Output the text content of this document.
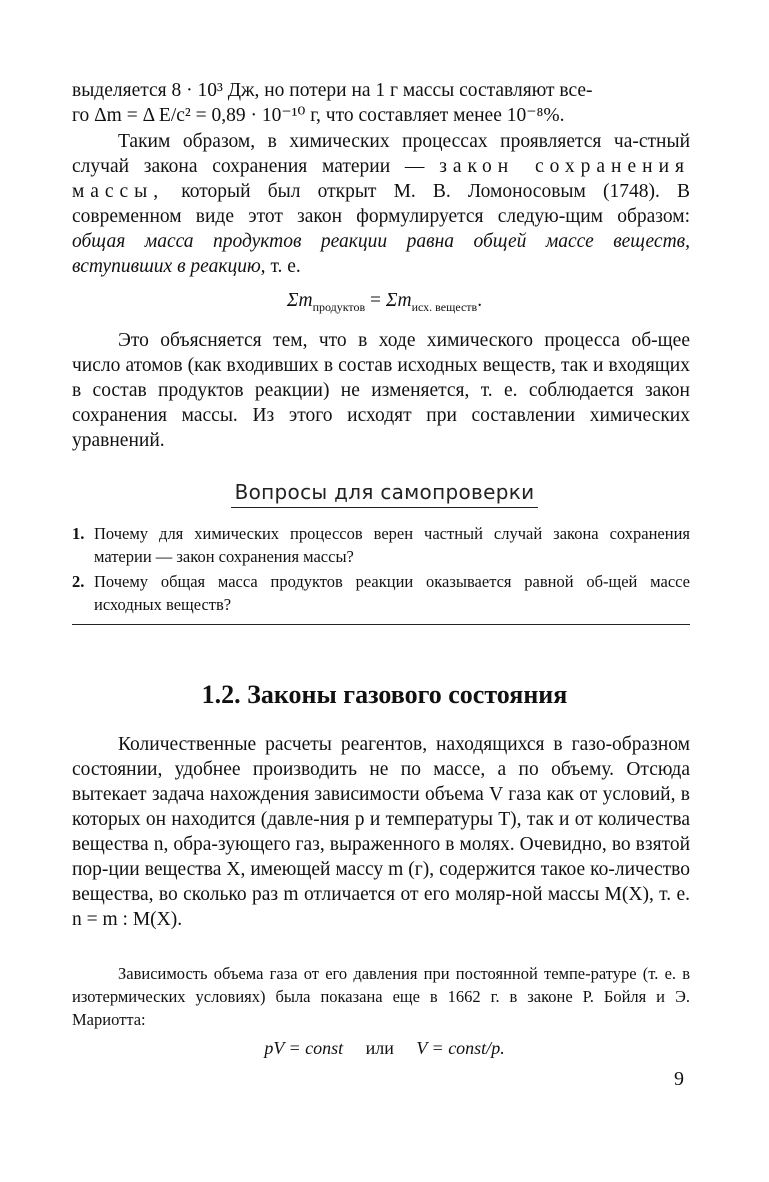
выделяется 8 · 10³ Дж, но потери на 1 г массы составляют все-

го Δm = Δ E/c² = 0,89 · 10⁻¹⁰ г, что составляет менее 10⁻⁸%.

Таким образом, в химических процессах проявляется ча-стный случай закона сохранения материи — закон сохранения массы, который был открыт М. В. Ломоносовым (1748). В современном виде этот закон формулируется следую-щим образом: общая масса продуктов реакции равна общей массе веществ, вступивших в реакцию, т. е.

$\Sigma m_{продуктов} = \Sigma m_{исх. веществ}$.

Это объясняется тем, что в ходе химического процесса об-щее число атомов (как входивших в состав исходных веществ, так и входящих в состав продуктов реакции) не изменяется, т. е. соблюдается закон сохранения массы. Из этого исходят при составлении химических уравнений.

Вопросы для самопроверки
1. Почему для химических процессов верен частный случай закона сохранения материи — закон сохранения массы?
2. Почему общая масса продуктов реакции оказывается равной об-щей массе исходных веществ?
1.2. Законы газового состояния

Количественные расчеты реагентов, находящихся в газо-образном состоянии, удобнее производить не по массе, а по объему. Отсюда вытекает задача нахождения зависимости объема V газа как от условий, в которых он находится (давле-ния p и температуры T), так и от количества вещества n, обра-зующего газ, выраженного в молях. Очевидно, во взятой пор-ции вещества X, имеющей массу m (г), содержится такое ко-личество вещества, во сколько раз m отличается от его моляр-ной массы M(X), т. е. n = m : M(X).

Зависимость объема газа от его давления при постоянной темпе-ратуре (т. е. в изотермических условиях) была показана еще в 1662 г. в законе Р. Бойля и Э. Мариотта:

pV = const или V = const/p.
9
